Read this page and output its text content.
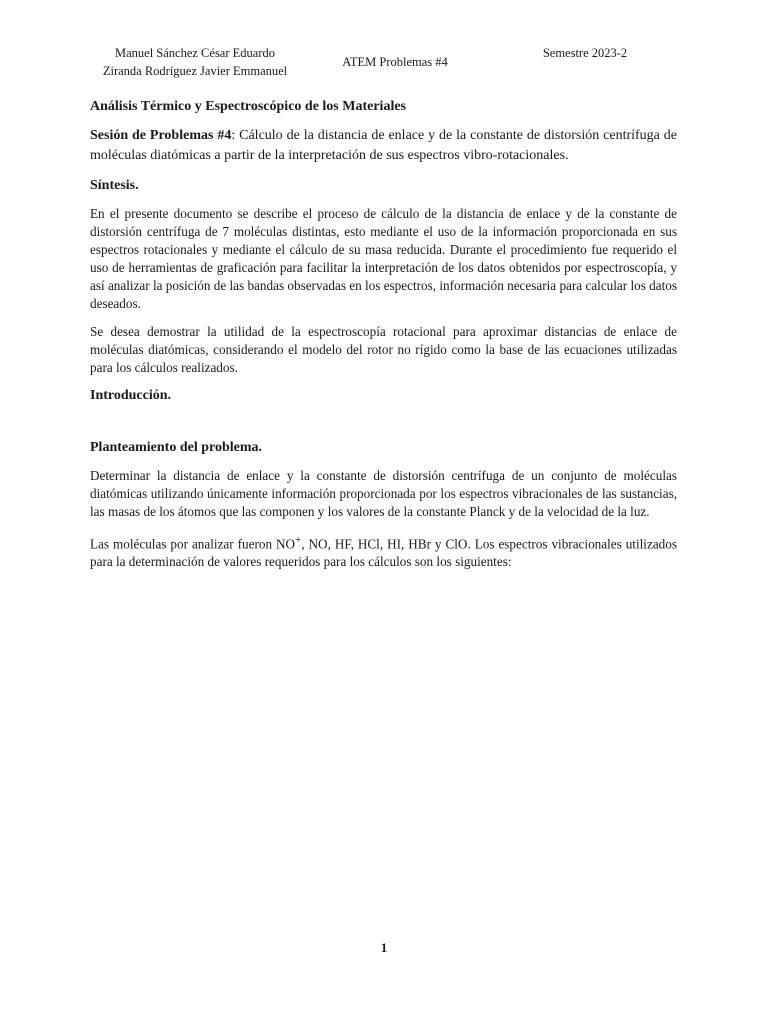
Manuel Sánchez César Eduardo
Ziranda Rodríguez Javier Emmanuel
ATEM Problemas #4
Semestre 2023-2
Análisis Térmico y Espectroscópico de los Materiales
Sesión de Problemas #4: Cálculo de la distancia de enlace y de la constante de distorsión centrífuga de moléculas diatómicas a partir de la interpretación de sus espectros vibro-rotacionales.
Síntesis.

En el presente documento se describe el proceso de cálculo de la distancia de enlace y de la constante de distorsión centrífuga de 7 moléculas distintas, esto mediante el uso de la información proporcionada en sus espectros rotacionales y mediante el cálculo de su masa reducida. Durante el procedimiento fue requerido el uso de herramientas de graficación para facilitar la interpretación de los datos obtenidos por espectroscopía, y así analizar la posición de las bandas observadas en los espectros, información necesaria para calcular los datos deseados.

Se desea demostrar la utilidad de la espectroscopía rotacional para aproximar distancias de enlace de moléculas diatómicas, considerando el modelo del rotor no rígido como la base de las ecuaciones utilizadas para los cálculos realizados.

Introducción.
Planteamiento del problema.

Determinar la distancia de enlace y la constante de distorsión centrífuga de un conjunto de moléculas diatómicas utilizando únicamente información proporcionada por los espectros vibracionales de las sustancias, las masas de los átomos que las componen y los valores de la constante Planck y de la velocidad de la luz.

Las moléculas por analizar fueron NO+, NO, HF, HCl, HI, HBr y ClO. Los espectros vibracionales utilizados para la determinación de valores requeridos para los cálculos son los siguientes:

1
